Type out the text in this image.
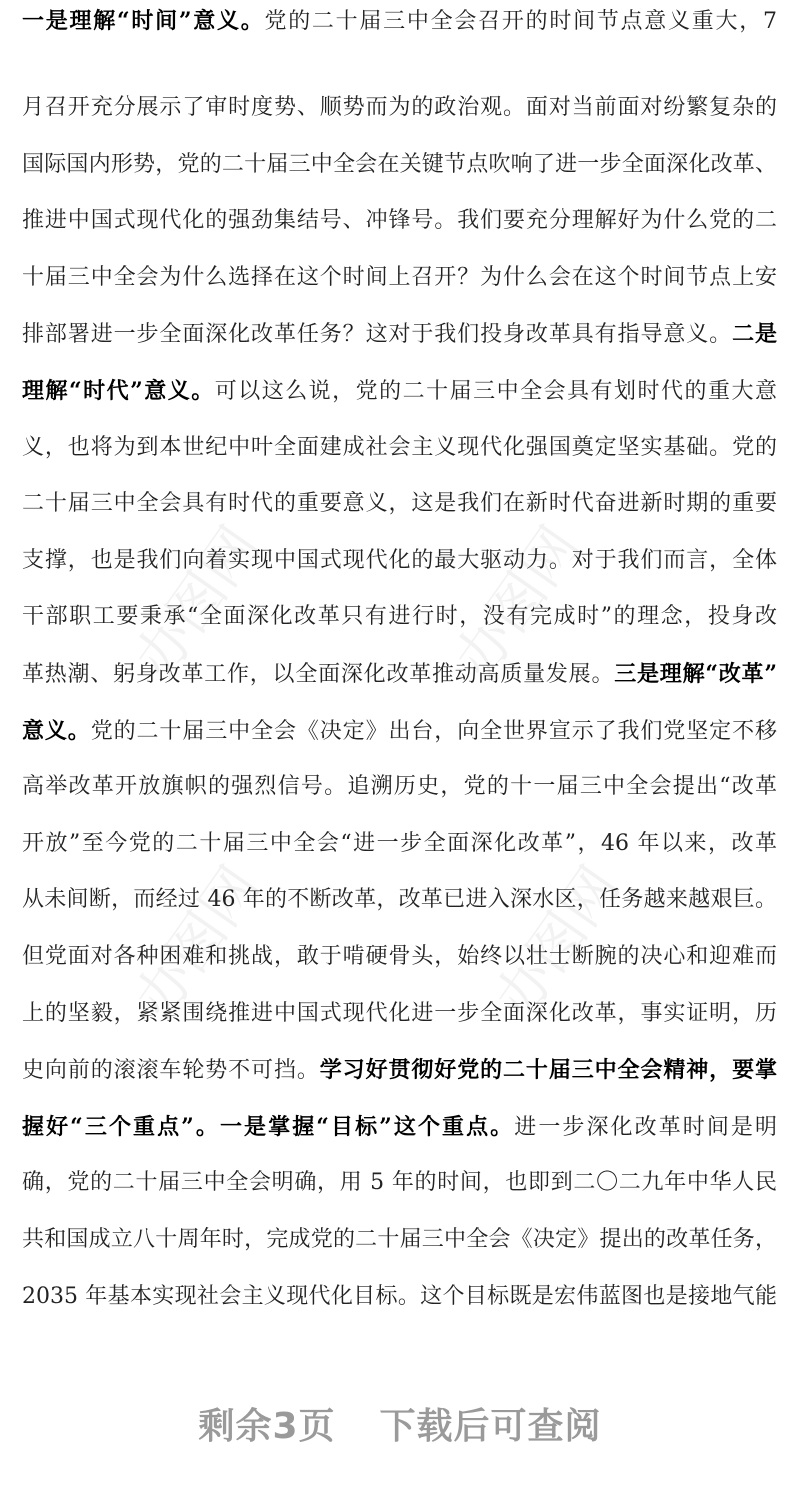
一是理解“时间”意义。党的二十届三中全会召开的时间节点意义重大，7
月召开充分展示了审时度势、顺势而为的政治观。面对当前面对纷繁复杂的
国际国内形势，党的二十届三中全会在关键节点吹响了进一步全面深化改革、
推进中国式现代化的强劲集结号、冲锋号。我们要充分理解好为什么党的二
十届三中全会为什么选择在这个时间上召开？为什么会在这个时间节点上安
排部署进一步全面深化改革任务？这对于我们投身改革具有指导意义。二是
理解“时代”意义。可以这么说，党的二十届三中全会具有划时代的重大意
义，也将为到本世纪中叶全面建成社会主义现代化强国奠定坚实基础。党的
二十届三中全会具有时代的重要意义，这是我们在新时代奋进新时期的重要
支撑，也是我们向着实现中国式现代化的最大驱动力。对于我们而言，全体
干部职工要秉承“全面深化改革只有进行时，没有完成时”的理念，投身改
革热潮、躬身改革工作，以全面深化改革推动高质量发展。三是理解“改革”
意义。党的二十届三中全会《决定》出台，向全世界宣示了我们党坚定不移
高举改革开放旗帜的强烈信号。追溯历史，党的十一届三中全会提出“改革
开放”至今党的二十届三中全会“进一步全面深化改革”，46 年以来，改革
从未间断，而经过 46 年的不断改革，改革已进入深水区，任务越来越艰巨。
但党面对各种困难和挑战，敢于啃硬骨头，始终以壮士断腕的决心和迎难而
上的坚毅，紧紧围绕推进中国式现代化进一步全面深化改革，事实证明，历
史向前的滚滚车轮势不可挡。学习好贯彻好党的二十届三中全会精神，要掌
握好“三个重点”。一是掌握“目标”这个重点。进一步深化改革时间是明
确，党的二十届三中全会明确，用 5 年的时间，也即到二〇二九年中华人民
共和国成立八十周年时，完成党的二十届三中全会《决定》提出的改革任务，
2035 年基本实现社会主义现代化目标。这个目标既是宏伟蓝图也是接地气能
办图网	办图网
办图网	办图网
剩余3页 下载后可查阅
